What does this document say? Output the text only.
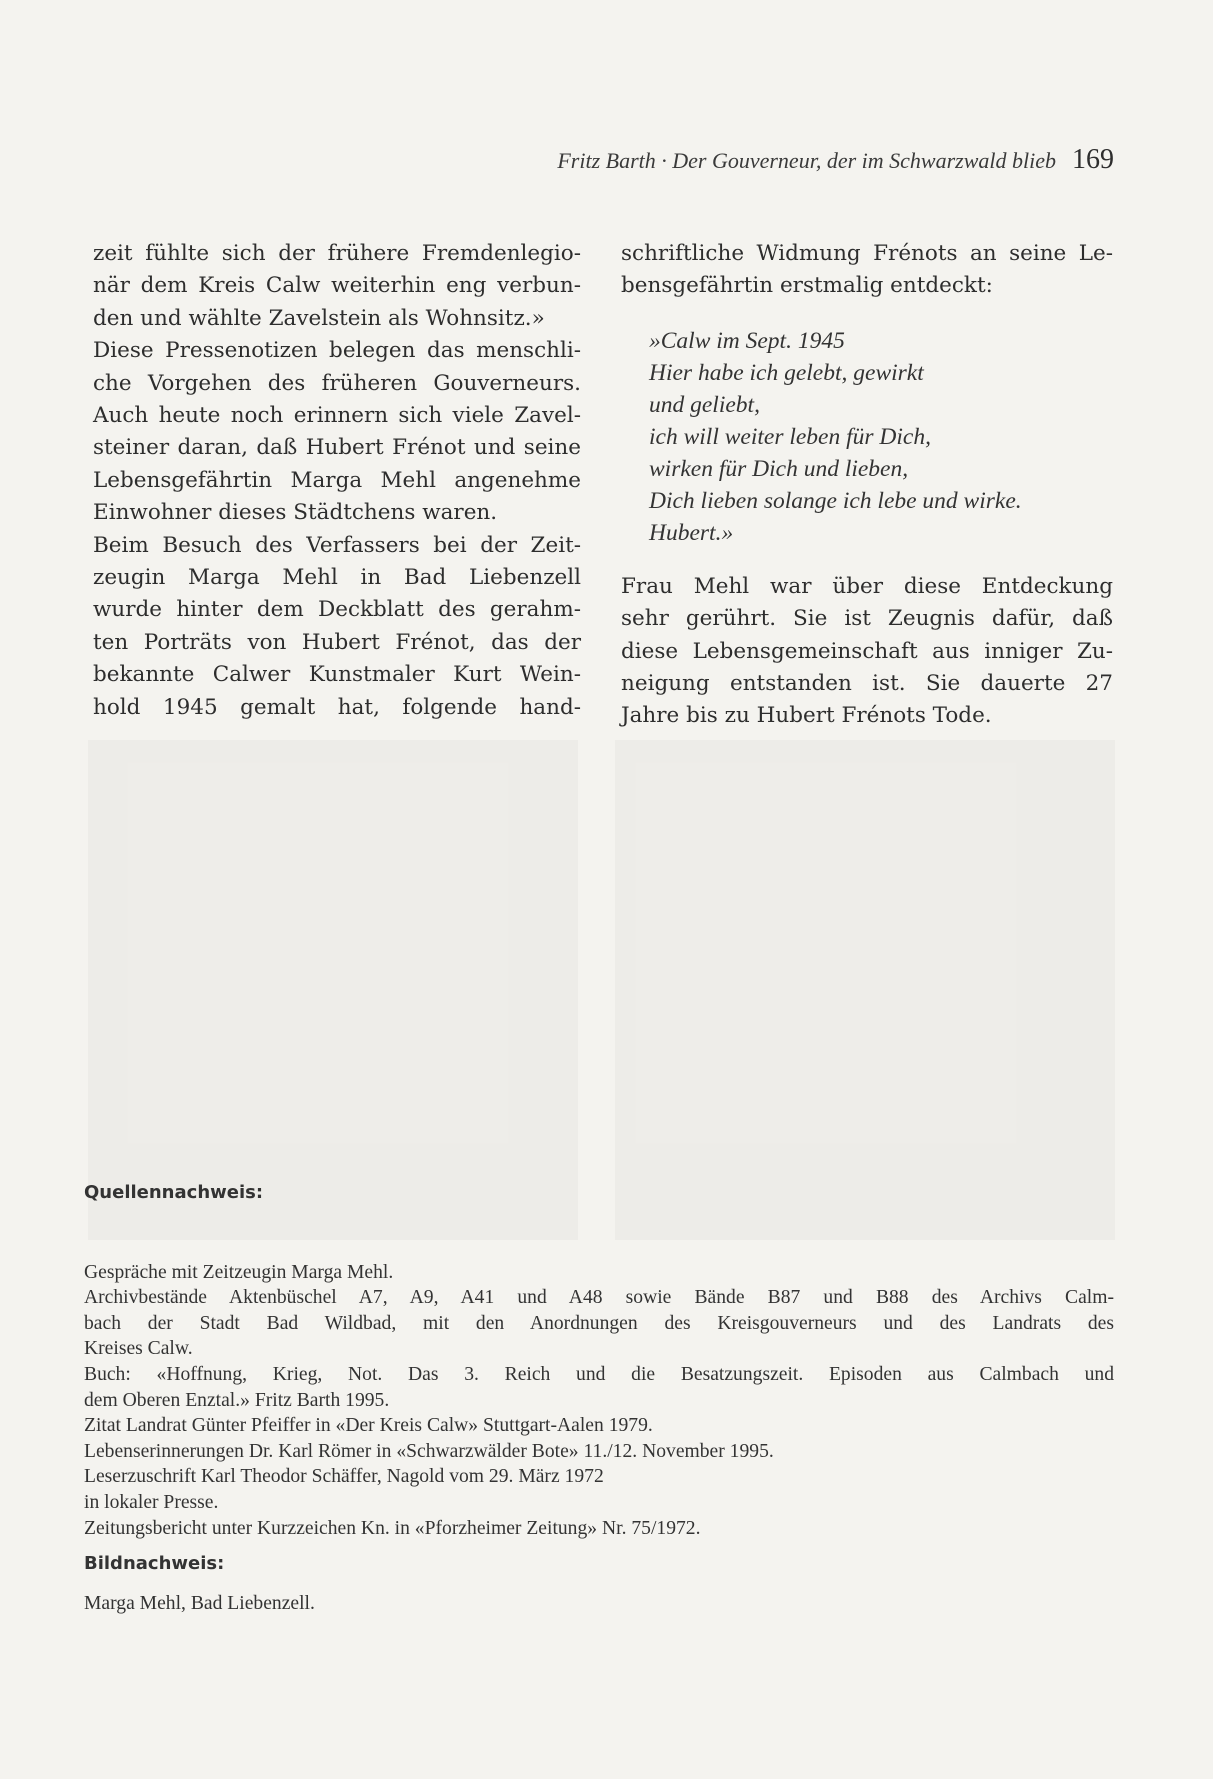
Fritz Barth · Der Gouverneur, der im Schwarzwald blieb 169

zeit fühlte sich der frühere Fremdenlegio-
när dem Kreis Calw weiterhin eng verbun-
den und wählte Zavelstein als Wohnsitz.»
Diese Pressenotizen belegen das menschli-
che Vorgehen des früheren Gouverneurs.
Auch heute noch erinnern sich viele Zavel-
steiner daran, daß Hubert Frénot und seine
Lebensgefährtin Marga Mehl angenehme
Einwohner dieses Städtchens waren.
Beim Besuch des Verfassers bei der Zeit-
zeugin Marga Mehl in Bad Liebenzell
wurde hinter dem Deckblatt des gerahm-
ten Porträts von Hubert Frénot, das der
bekannte Calwer Kunstmaler Kurt Wein-
hold 1945 gemalt hat, folgende hand-

schriftliche Widmung Frénots an seine Le-
bensgefährtin erstmalig entdeckt:

»Calw im Sept. 1945
Hier habe ich gelebt, gewirkt
und geliebt,
ich will weiter leben für Dich,
wirken für Dich und lieben,
Dich lieben solange ich lebe und wirke.
Hubert.»

Frau Mehl war über diese Entdeckung
sehr gerührt. Sie ist Zeugnis dafür, daß
diese Lebensgemeinschaft aus inniger Zu-
neigung entstanden ist. Sie dauerte 27
Jahre bis zu Hubert Frénots Tode.

Quellennachweis:
Gespräche mit Zeitzeugin Marga Mehl.
Archivbestände Aktenbüschel A7, A9, A41 und A48 sowie Bände B87 und B88 des Archivs Calm-
bach der Stadt Bad Wildbad, mit den Anordnungen des Kreisgouverneurs und des Landrats des
Kreises Calw.
Buch: «Hoffnung, Krieg, Not. Das 3. Reich und die Besatzungszeit. Episoden aus Calmbach und
dem Oberen Enztal.» Fritz Barth 1995.
Zitat Landrat Günter Pfeiffer in «Der Kreis Calw» Stuttgart-Aalen 1979.
Lebenserinnerungen Dr. Karl Römer in «Schwarzwälder Bote» 11./12. November 1995.
Leserzuschrift Karl Theodor Schäffer, Nagold vom 29. März 1972
in lokaler Presse.
Zeitungsbericht unter Kurzzeichen Kn. in «Pforzheimer Zeitung» Nr. 75/1972.
Bildnachweis:
Marga Mehl, Bad Liebenzell.
